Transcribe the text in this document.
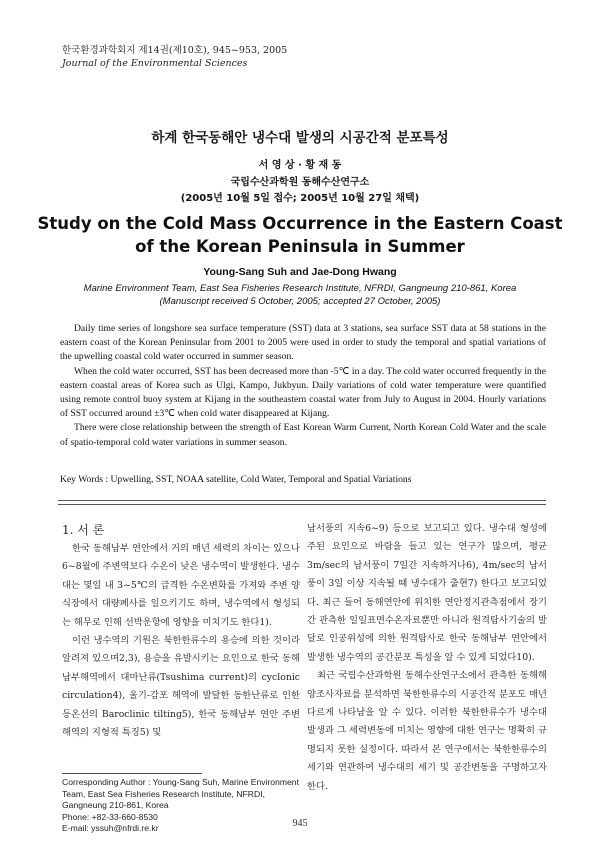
한국환경과학회지 제14권(제10호), 945~953, 2005
Journal of the Environmental Sciences
하계 한국동해안 냉수대 발생의 시공간적 분포특성
서 영 상 · 황 재 동
국립수산과학원 동해수산연구소
(2005년 10월 5일 접수; 2005년 10월 27일 채택)
Study on the Cold Mass Occurrence in the Eastern Coast
of the Korean Peninsula in Summer
Young-Sang Suh and Jae-Dong Hwang
Marine Environment Team, East Sea Fisheries Research Institute, NFRDI, Gangneung 210-861, Korea
(Manuscript received 5 October, 2005; accepted 27 October, 2005)

Daily time series of longshore sea surface temperature (SST) data at 3 stations, sea surface SST data at 58 stations in the eastern coast of the Korean Peninsular from 2001 to 2005 were used in order to study the temporal and spatial variations of the upwelling coastal cold water occurred in summer season.

When the cold water occurred, SST has been decreased more than -5℃ in a day. The cold water occurred frequently in the eastern coastal areas of Korea such as Ulgi, Kampo, Jukbyun. Daily variations of cold water temperature were quantified using remote control buoy system at Kijang in the southeastern coastal water from July to August in 2004. Hourly variations of SST occurred around ±3℃ when cold water disappeared at Kijang.

There were close relationship between the strength of East Korean Warm Current, North Korean Cold Water and the scale of spatio-temporal cold water variations in summer season.

Key Words : Upwelling, SST, NOAA satellite, Cold Water, Temporal and Spatial Variations
1. 서 론

한국 동해남부 연안에서 거의 매년 세력의 차이는 있으나 6~8월에 주변역보다 수온이 낮은 냉수역이 발생한다. 냉수대는 몇일 내 3~5℃의 급격한 수온변화를 가져와 주변 양식장에서 대량폐사를 일으키기도 하며, 냉수역에서 형성되는 해무로 인해 선박운항에 영향을 미치기도 한다1).

이런 냉수역의 기원은 북한한류수의 용승에 의한 것이라 알려져 있으며2,3), 용승을 유발시키는 요인으로 한국 동해남부해역에서 대마난류(Tsushima current)의 cyclonic circulation4), 울기-감포 해역에 발달한 동한난류로 인한 등온선의 Baroclinic tilting5), 한국 동해남부 연안 주변 해역의 지형적 특징5) 및

남서풍의 지속6~9) 등으로 보고되고 있다. 냉수대 형성에 주된 요인으로 바람을 들고 있는 연구가 많으며, 평균 3m/sec의 남서풍이 7일간 지속하거나6), 4m/sec의 남서풍이 3일 이상 지속될 때 냉수대가 출현7) 한다고 보고되었다. 최근 들어 동해연안에 위치한 연안정지관측점에서 장기간 관측한 일일표면수온자료뿐만 아니라 원격탐사기술의 발달로 인공위성에 의한 원격탐사로 한국 동해남부 연안에서 발생한 냉수역의 공간분포 특성을 알 수 있게 되었다10).

최근 국립수산과학원 동해수산연구소에서 관측한 동해해양조사자료를 분석하면 북한한류수의 시공간적 분포도 매년 다르게 나타남을 알 수 있다. 이러한 북한한류수가 냉수대 발생과 그 세력변동에 미치는 영향에 대한 연구는 명확히 규명되지 못한 실정이다. 따라서 본 연구에서는 북한한류수의 세기와 연관하여 냉수대의 세기 및 공간변동을 구명하고자 한다.

Corresponding Author : Young-Sang Suh, Marine Environment Team, East Sea Fisheries Research Institute, NFRDI, Gangneung 210-861, Korea
Phone: +82-33-660-8530
E-mail: yssuh@nfrdi.re.kr	945
